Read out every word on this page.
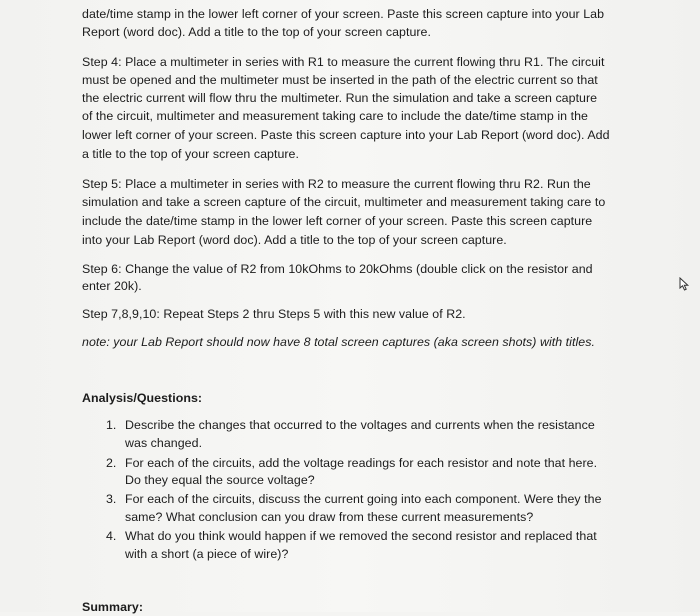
date/time stamp in the lower left corner of your screen. Paste this screen capture into your Lab
Report (word doc). Add a title to the top of your screen capture.
Step 4: Place a multimeter in series with R1 to measure the current flowing thru R1. The circuit
must be opened and the multimeter must be inserted in the path of the electric current so that
the electric current will flow thru the multimeter. Run the simulation and take a screen capture
of the circuit, multimeter and measurement taking care to include the date/time stamp in the
lower left corner of your screen. Paste this screen capture into your Lab Report (word doc). Add
a title to the top of your screen capture.
Step 5: Place a multimeter in series with R2 to measure the current flowing thru R2. Run the
simulation and take a screen capture of the circuit, multimeter and measurement taking care to
include the date/time stamp in the lower left corner of your screen. Paste this screen capture
into your Lab Report (word doc). Add a title to the top of your screen capture.
Step 6: Change the value of R2 from 10kOhms to 20kOhms (double click on the resistor and
enter 20k).
Step 7,8,9,10: Repeat Steps 2 thru Steps 5 with this new value of R2.
note: your Lab Report should now have 8 total screen captures (aka screen shots) with titles.
Analysis/Questions:
1. Describe the changes that occurred to the voltages and currents when the resistance
was changed.
2. For each of the circuits, add the voltage readings for each resistor and note that here.
Do they equal the source voltage?
3. For each of the circuits, discuss the current going into each component. Were they the
same? What conclusion can you draw from these current measurements?
4. What do you think would happen if we removed the second resistor and replaced that
with a short (a piece of wire)?
Summary:
